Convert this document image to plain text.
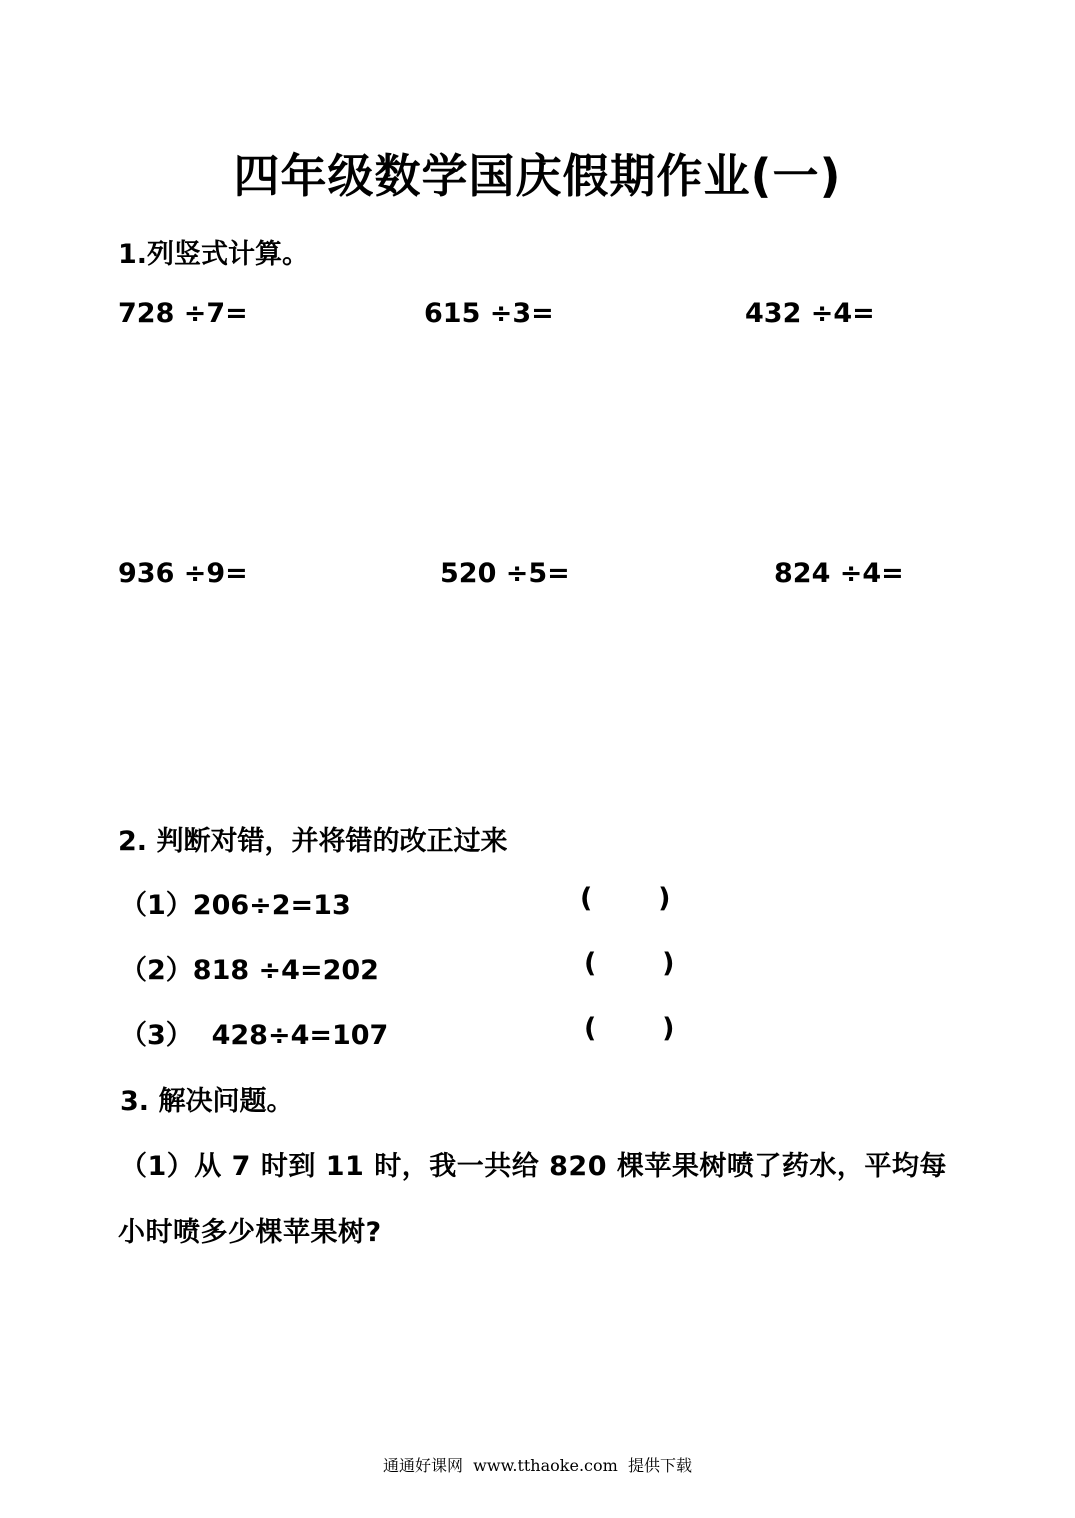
四年级数学国庆假期作业(一)
1.列竖式计算。
728 ÷7=	615 ÷3=	432 ÷4=
936 ÷9=	520 ÷5=	824 ÷4=
2. 判断对错，并将错的改正过来
（1）206÷2=13	(       )
（2）818 ÷4=202	(       )
（3）  428÷4=107	(       )
3. 解决问题。
（1）从 7 时到 11 时，我一共给 820 棵苹果树喷了药水，平均每
小时喷多少棵苹果树?
通通好课网  www.tthaoke.com  提供下载
